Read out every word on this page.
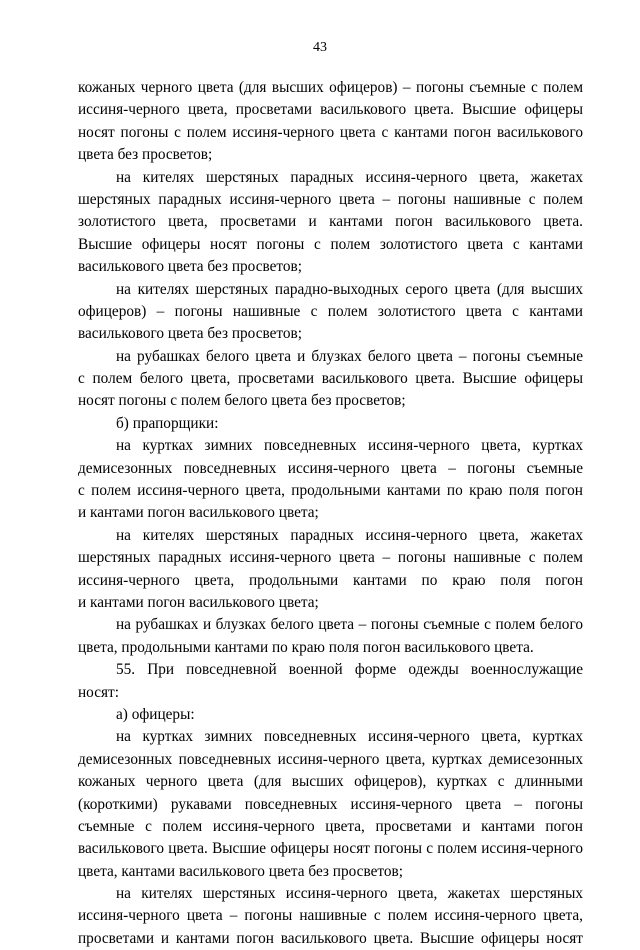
43
кожаных черного цвета (для высших офицеров) – погоны съемные с полем
иссиня-черного цвета, просветами василькового цвета. Высшие офицеры
носят погоны с полем иссиня-черного цвета с кантами погон василькового
цвета без просветов;
на кителях шерстяных парадных иссиня-черного цвета, жакетах
шерстяных парадных иссиня-черного цвета – погоны нашивные с полем
золотистого цвета, просветами и кантами погон василькового цвета.
Высшие офицеры носят погоны с полем золотистого цвета с кантами
василькового цвета без просветов;
на кителях шерстяных парадно-выходных серого цвета (для высших
офицеров) – погоны нашивные с полем золотистого цвета с кантами
василькового цвета без просветов;
на рубашках белого цвета и блузках белого цвета – погоны съемные
с полем белого цвета, просветами василькового цвета. Высшие офицеры
носят погоны с полем белого цвета без просветов;
б) прапорщики:
на куртках зимних повседневных иссиня-черного цвета, куртках
демисезонных повседневных иссиня-черного цвета – погоны съемные
с полем иссиня-черного цвета, продольными кантами по краю поля погон
и кантами погон василькового цвета;
на кителях шерстяных парадных иссиня-черного цвета, жакетах
шерстяных парадных иссиня-черного цвета – погоны нашивные с полем
иссиня-черного цвета, продольными кантами по краю поля погон
и кантами погон василькового цвета;
на рубашках и блузках белого цвета – погоны съемные с полем белого
цвета, продольными кантами по краю поля погон василькового цвета.
55. При повседневной военной форме одежды военнослужащие
носят:
а) офицеры:
на куртках зимних повседневных иссиня-черного цвета, куртках
демисезонных повседневных иссиня-черного цвета, куртках демисезонных
кожаных черного цвета (для высших офицеров), куртках с длинными
(короткими) рукавами повседневных иссиня-черного цвета – погоны
съемные с полем иссиня-черного цвета, просветами и кантами погон
василькового цвета. Высшие офицеры носят погоны с полем иссиня-черного
цвета, кантами василькового цвета без просветов;
на кителях шерстяных иссиня-черного цвета, жакетах шерстяных
иссиня-черного цвета – погоны нашивные с полем иссиня-черного цвета,
просветами и кантами погон василькового цвета. Высшие офицеры носят
